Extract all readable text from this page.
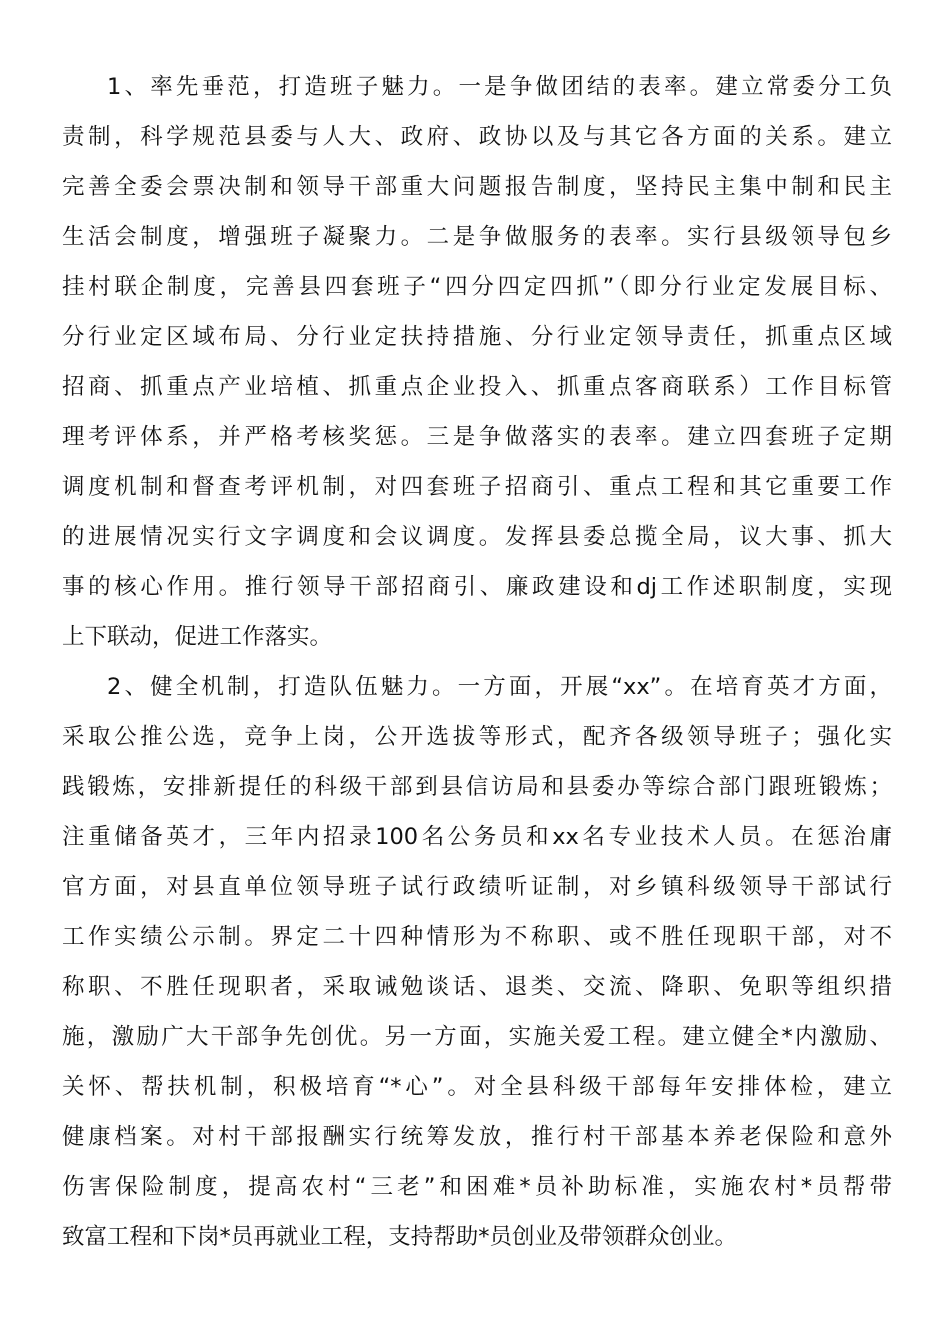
1、率先垂范，打造班子魅力。一是争做团结的表率。建立常委分工负
责制，科学规范县委与人大、政府、政协以及与其它各方面的关系。建立
完善全委会票决制和领导干部重大问题报告制度，坚持民主集中制和民主
生活会制度，增强班子凝聚力。二是争做服务的表率。实行县级领导包乡
挂村联企制度，完善县四套班子“四分四定四抓”（即分行业定发展目标、
分行业定区域布局、分行业定扶持措施、分行业定领导责任，抓重点区域
招商、抓重点产业培植、抓重点企业投入、抓重点客商联系）工作目标管
理考评体系，并严格考核奖惩。三是争做落实的表率。建立四套班子定期
调度机制和督查考评机制，对四套班子招商引、重点工程和其它重要工作
的进展情况实行文字调度和会议调度。发挥县委总揽全局，议大事、抓大
事的核心作用。推行领导干部招商引、廉政建设和dj工作述职制度，实现
上下联动，促进工作落实。
2、健全机制，打造队伍魅力。一方面，开展“xx”。在培育英才方面，
采取公推公选，竞争上岗，公开选拔等形式，配齐各级领导班子；强化实
践锻炼，安排新提任的科级干部到县信访局和县委办等综合部门跟班锻炼；
注重储备英才，三年内招录100名公务员和xx名专业技术人员。在惩治庸
官方面，对县直单位领导班子试行政绩听证制，对乡镇科级领导干部试行
工作实绩公示制。界定二十四种情形为不称职、或不胜任现职干部，对不
称职、不胜任现职者，采取诫勉谈话、退类、交流、降职、免职等组织措
施，激励广大干部争先创优。另一方面，实施关爱工程。建立健全*内激励、
关怀、帮扶机制，积极培育“*心”。对全县科级干部每年安排体检，建立
健康档案。对村干部报酬实行统筹发放，推行村干部基本养老保险和意外
伤害保险制度，提高农村“三老”和困难*员补助标准，实施农村*员帮带
致富工程和下岗*员再就业工程，支持帮助*员创业及带领群众创业。
